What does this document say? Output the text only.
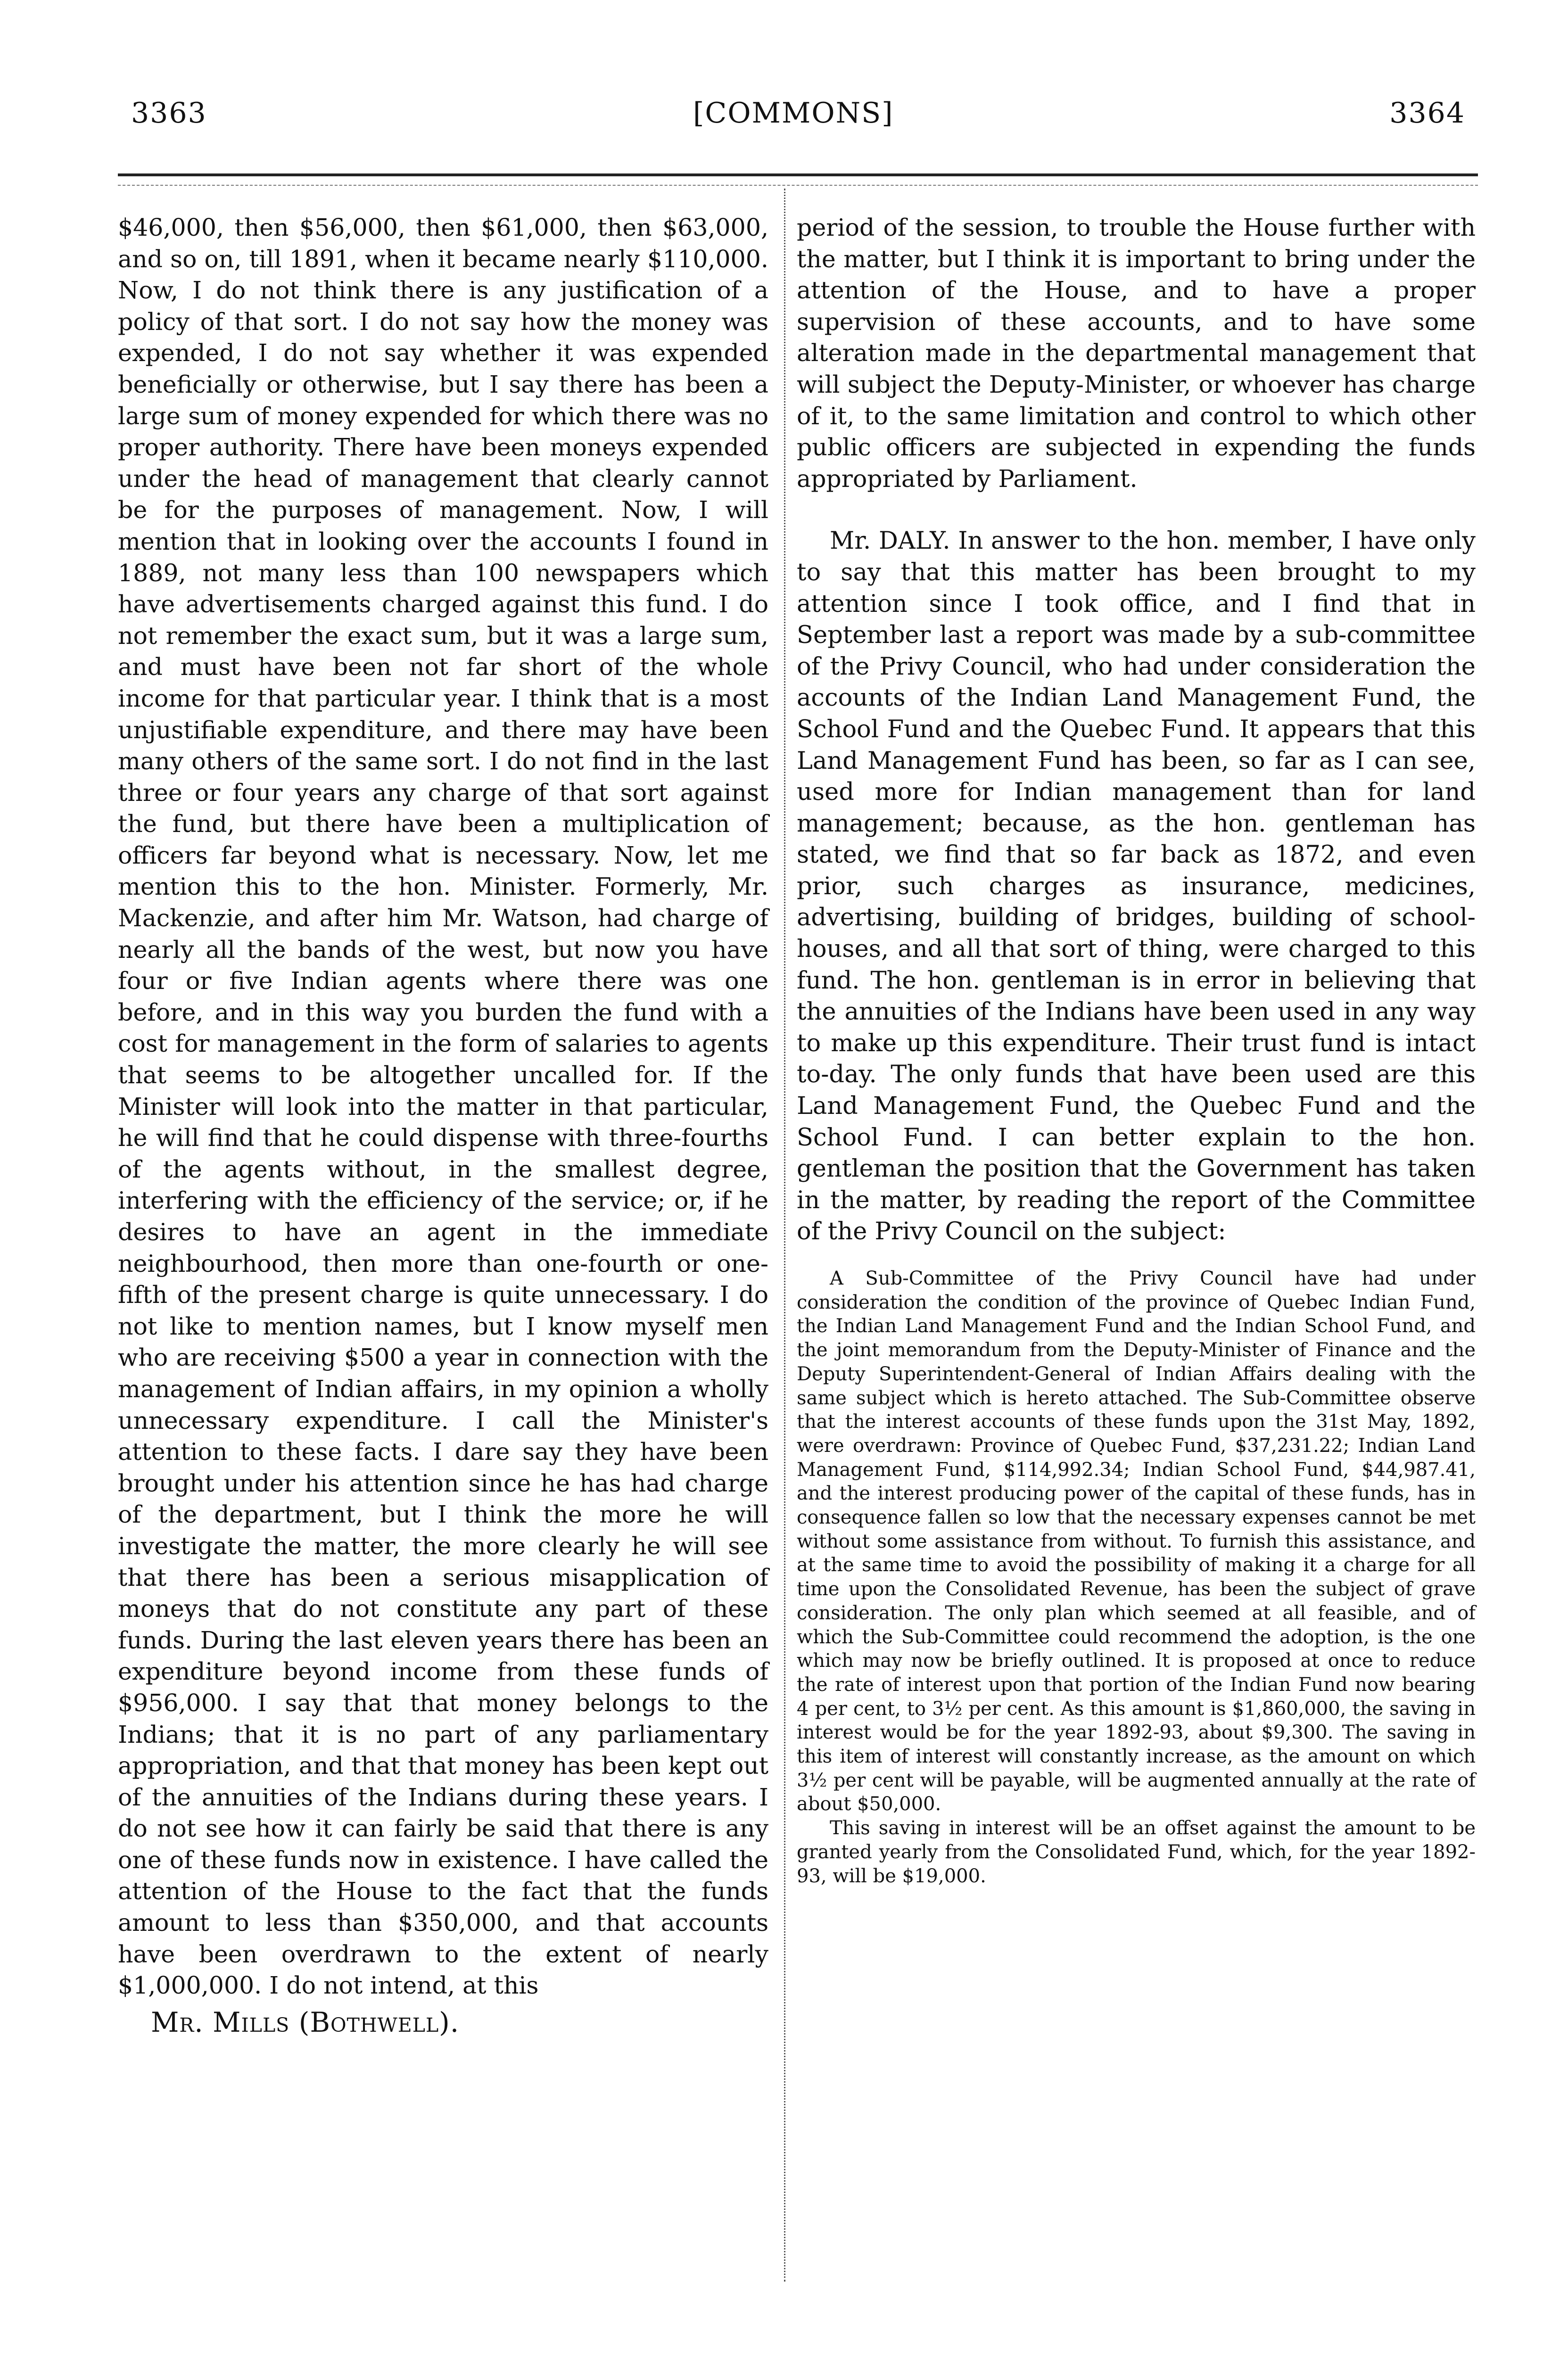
3363	[COMMONS]	3364

$46,000, then $56,000, then $61,000, then $63,000, and so on, till 1891, when it became nearly $110,000. Now, I do not think there is any justification of a policy of that sort. I do not say how the money was expended, I do not say whether it was expended beneficially or otherwise, but I say there has been a large sum of money expended for which there was no proper authority. There have been moneys expended under the head of management that clearly cannot be for the purposes of management. Now, I will mention that in looking over the accounts I found in 1889, not many less than 100 newspapers which have advertisements charged against this fund. I do not remember the exact sum, but it was a large sum, and must have been not far short of the whole income for that particular year. I think that is a most unjustifiable expenditure, and there may have been many others of the same sort. I do not find in the last three or four years any charge of that sort against the fund, but there have been a multiplication of officers far beyond what is necessary. Now, let me mention this to the hon. Minister. Formerly, Mr. Mackenzie, and after him Mr. Watson, had charge of nearly all the bands of the west, but now you have four or five Indian agents where there was one before, and in this way you burden the fund with a cost for management in the form of salaries to agents that seems to be altogether uncalled for. If the Minister will look into the matter in that particular, he will find that he could dispense with three-fourths of the agents without, in the smallest degree, interfering with the efficiency of the service; or, if he desires to have an agent in the immediate neighbourhood, then more than one-fourth or one-fifth of the present charge is quite unnecessary. I do not like to mention names, but I know myself men who are receiving $500 a year in connection with the management of Indian affairs, in my opinion a wholly unnecessary expenditure. I call the Minister's attention to these facts. I dare say they have been brought under his attention since he has had charge of the department, but I think the more he will investigate the matter, the more clearly he will see that there has been a serious misapplication of moneys that do not constitute any part of these funds. During the last eleven years there has been an expenditure beyond income from these funds of $956,000. I say that that money belongs to the Indians; that it is no part of any parliamentary appropriation, and that that money has been kept out of the annuities of the Indians during these years. I do not see how it can fairly be said that there is any one of these funds now in existence. I have called the attention of the House to the fact that the funds amount to less than $350,000, and that accounts have been overdrawn to the extent of nearly $1,000,000. I do not intend, at this

Mr. Mills (Bothwell).

period of the session, to trouble the House further with the matter, but I think it is important to bring under the attention of the House, and to have a proper supervision of these accounts, and to have some alteration made in the departmental management that will subject the Deputy-Minister, or whoever has charge of it, to the same limitation and control to which other public officers are subjected in expending the funds appropriated by Parliament.

Mr. DALY. In answer to the hon. member, I have only to say that this matter has been brought to my attention since I took office, and I find that in September last a report was made by a sub-committee of the Privy Council, who had under consideration the accounts of the Indian Land Management Fund, the School Fund and the Quebec Fund. It appears that this Land Management Fund has been, so far as I can see, used more for Indian management than for land management; because, as the hon. gentleman has stated, we find that so far back as 1872, and even prior, such charges as insurance, medicines, advertising, building of bridges, building of school-houses, and all that sort of thing, were charged to this fund. The hon. gentleman is in error in believing that the annuities of the Indians have been used in any way to make up this expenditure. Their trust fund is intact to-day. The only funds that have been used are this Land Management Fund, the Quebec Fund and the School Fund. I can better explain to the hon. gentleman the position that the Government has taken in the matter, by reading the report of the Committee of the Privy Council on the subject:

A Sub-Committee of the Privy Council have had under consideration the condition of the province of Quebec Indian Fund, the Indian Land Management Fund and the Indian School Fund, and the joint memorandum from the Deputy-Minister of Finance and the Deputy Superintendent-General of Indian Affairs dealing with the same subject which is hereto attached. The Sub-Committee observe that the interest accounts of these funds upon the 31st May, 1892, were overdrawn: Province of Quebec Fund, $37,231.22; Indian Land Management Fund, $114,992.34; Indian School Fund, $44,987.41, and the interest producing power of the capital of these funds, has in consequence fallen so low that the necessary expenses cannot be met without some assistance from without. To furnish this assistance, and at the same time to avoid the possibility of making it a charge for all time upon the Consolidated Revenue, has been the subject of grave consideration. The only plan which seemed at all feasible, and of which the Sub-Committee could recommend the adoption, is the one which may now be briefly outlined. It is proposed at once to reduce the rate of interest upon that portion of the Indian Fund now bearing 4 per cent, to 3½ per cent. As this amount is $1,860,000, the saving in interest would be for the year 1892-93, about $9,300. The saving in this item of interest will constantly increase, as the amount on which 3½ per cent will be payable, will be augmented annually at the rate of about $50,000.

This saving in interest will be an offset against the amount to be granted yearly from the Consolidated Fund, which, for the year 1892-93, will be $19,000.
